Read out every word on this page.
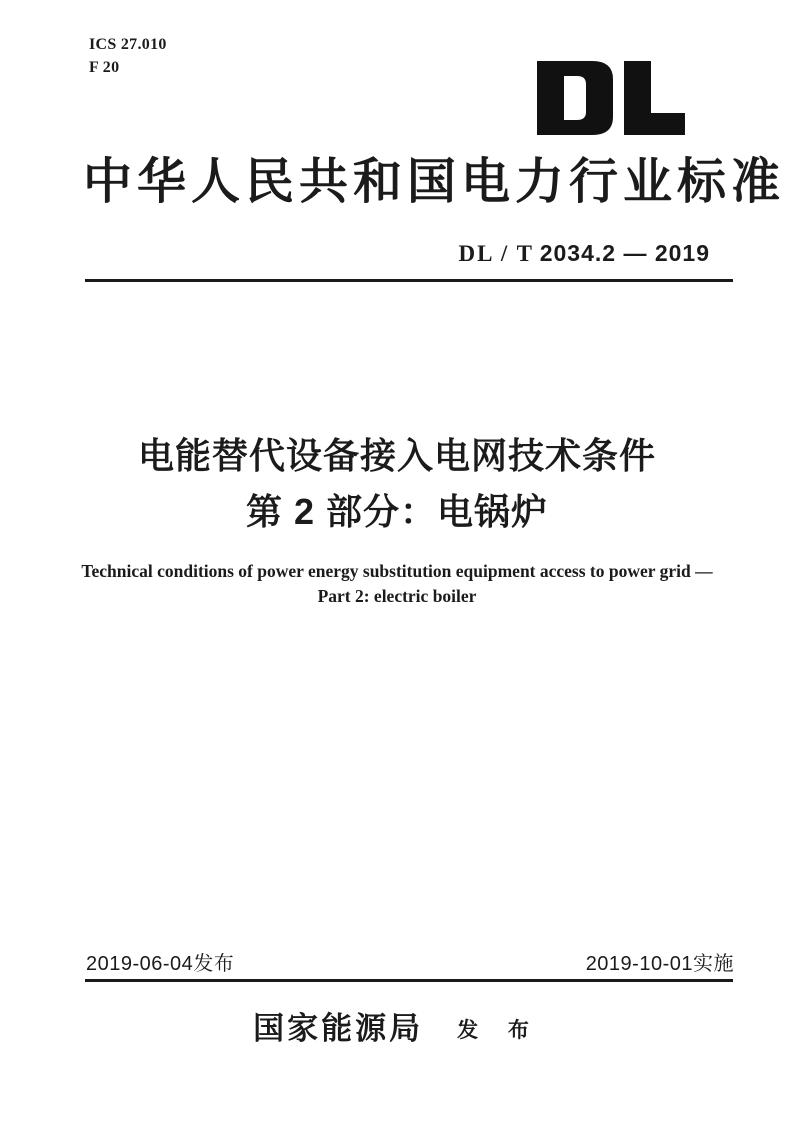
ICS 27.010
F 20
中华人民共和国电力行业标准
DL / T 2034.2 — 2019
电能替代设备接入电网技术条件
第 2 部分：电锅炉
Technical conditions of power energy substitution equipment access to power grid —
Part 2: electric boiler
2019-06-04发布	2019-10-01实施
国家能源局 发 布
